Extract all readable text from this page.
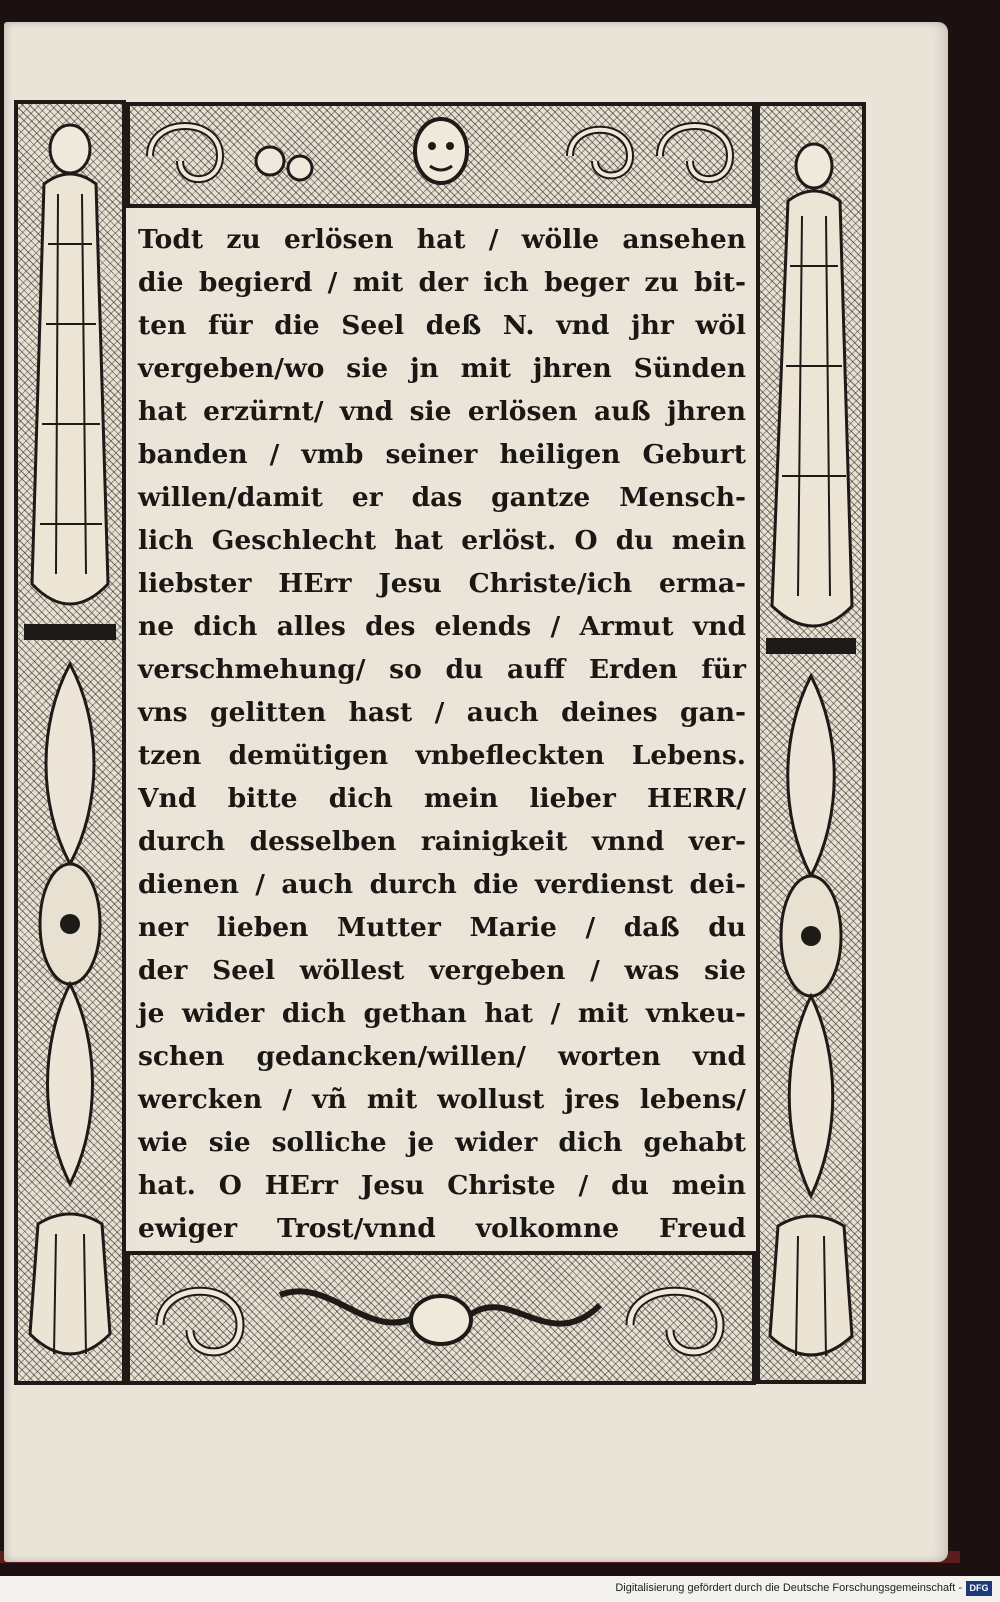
Todt zu erlösen hat / wölle ansehen
die begierd / mit der ich beger zu bit-
ten für die Seel deß N. vnd jhr wöl
vergeben/wo sie jn mit jhren Sünden
hat erzürnt/ vnd sie erlösen auß jhren
banden / vmb seiner heiligen Geburt
willen/damit er das gantze Mensch-
lich Geschlecht hat erlöst. O du mein
liebster HErr Jesu Christe/ich erma-
ne dich alles des elends / Armut vnd
verschmehung/ so du auff Erden für
vns gelitten hast / auch deines gan-
tzen demütigen vnbefleckten Lebens.
Vnd bitte dich mein lieber HERR/
durch desselben rainigkeit vnnd ver-
dienen / auch durch die verdienst dei-
ner lieben Mutter Marie / daß du
der Seel wöllest vergeben / was sie
je wider dich gethan hat / mit vnkeu-
schen gedancken/willen/ worten vnd
wercken / vñ mit wollust jres lebens/
wie sie solliche je wider dich gehabt
hat. O HErr Jesu Christe / du mein
ewiger Trost/vnnd volkomne Freud
Digitalisierung gefördert durch die Deutsche Forschungsgemeinschaft - DFG
